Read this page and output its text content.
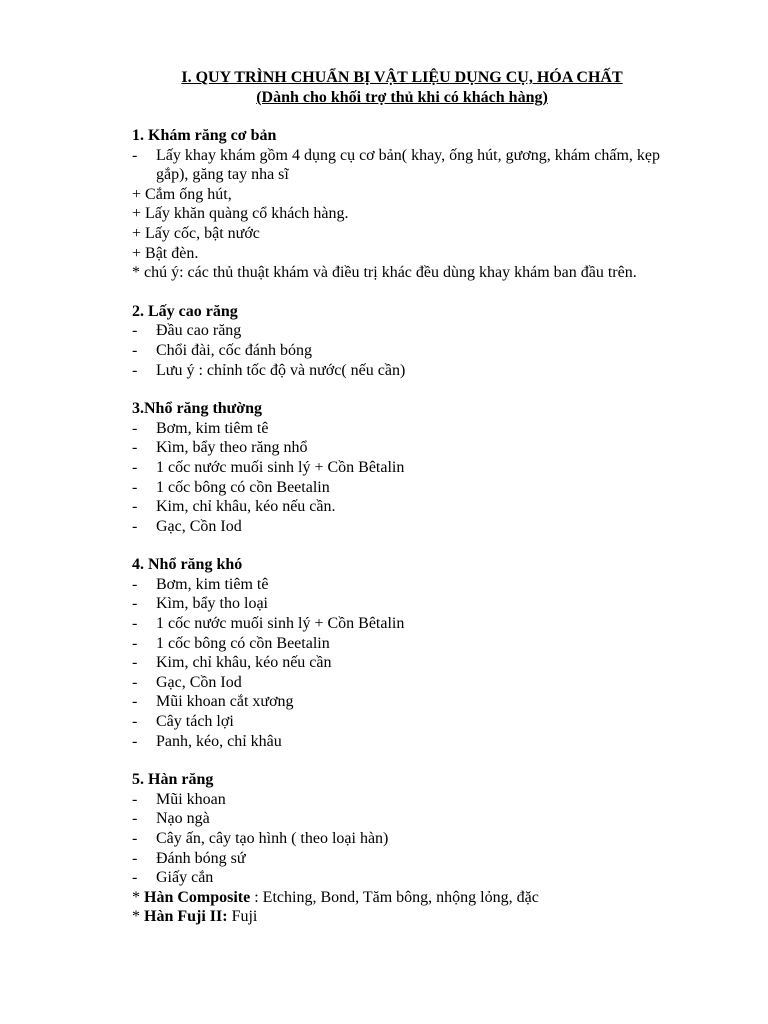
I. QUY TRÌNH CHUẨN BỊ VẬT LIỆU DỤNG CỤ, HÓA CHẤT

(Dành cho khối trợ thủ khi có khách hàng)

1. Khám răng cơ bản

- Lấy khay khám gồm 4 dụng cụ cơ bản( khay, ống hút, gương, khám chấm, kẹp gắp), găng tay nha sĩ

+ Cắm ống hút,

+ Lấy khăn quàng cổ khách hàng.

+ Lấy cốc, bật nước

+ Bật đèn.

* chú ý: các thủ thuật khám và điều trị khác đều dùng khay khám ban đầu trên.

2. Lấy cao răng

- Đầu cao răng
- Chổi đài, cốc đánh bóng
- Lưu ý : chỉnh tốc độ và nước( nếu cần)

3.Nhổ răng thường

- Bơm, kim tiêm tê
- Kìm, bẩy theo răng nhổ
- 1 cốc nước muối sinh lý + Cồn Bêtalin
- 1 cốc bông có cồn Beetalin
- Kim, chỉ khâu, kéo nếu cần.
- Gạc, Cồn Iod

4. Nhổ răng khó

- Bơm, kim tiêm tê
- Kìm, bẩy tho loại
- 1 cốc nước muối sinh lý + Cồn Bêtalin
- 1 cốc bông có cồn Beetalin
- Kim, chỉ khâu, kéo nếu cần
- Gạc, Cồn Iod
- Mũi khoan cắt xương
- Cây tách lợi
- Panh, kéo, chỉ khâu

5. Hàn răng

- Mũi khoan
- Nạo ngà
- Cây ấn, cây tạo hình ( theo loại hàn)
- Đánh bóng sứ
- Giấy cắn

* Hàn Composite : Etching, Bond, Tăm bông, nhộng lỏng, đặc

* Hàn Fuji II: Fuji
